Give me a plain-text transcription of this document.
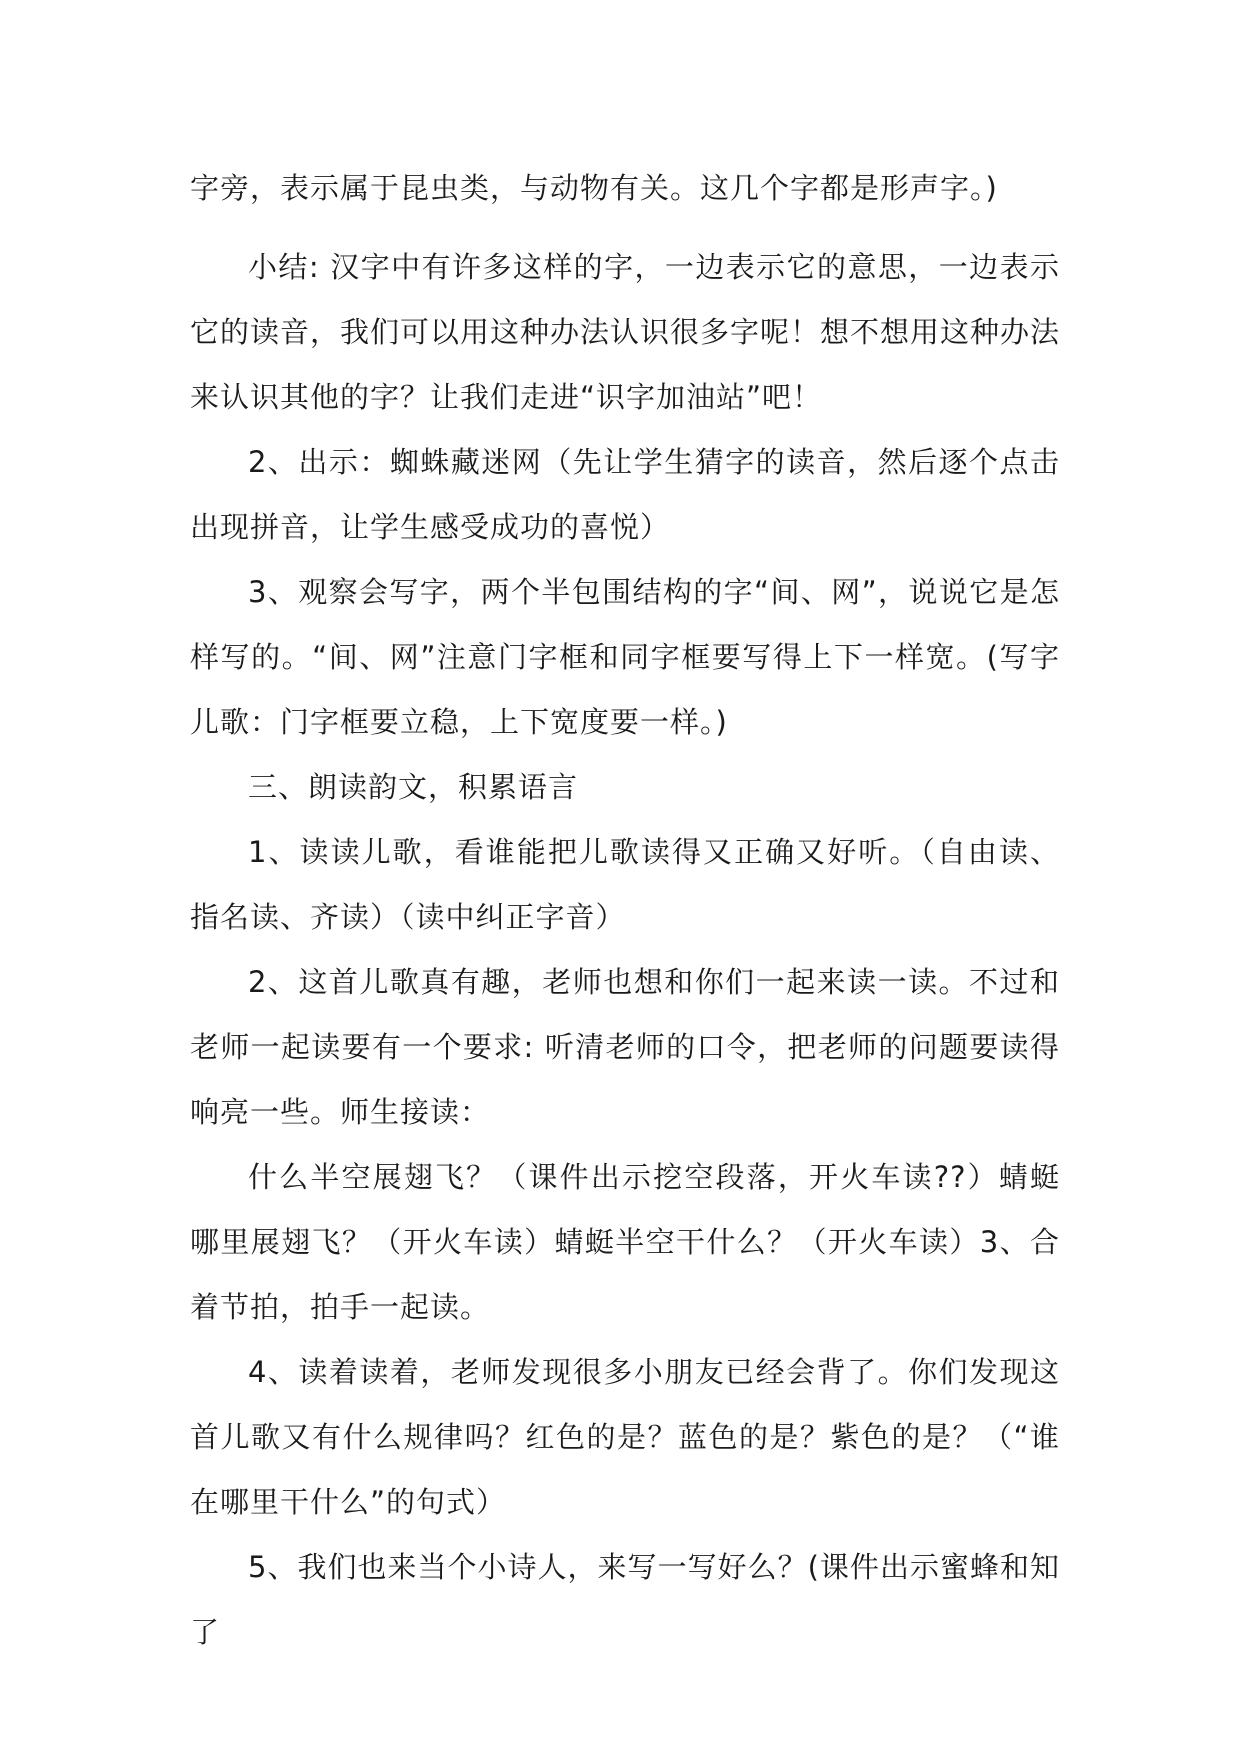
字旁，表示属于昆虫类，与动物有关。这几个字都是形声字。)

小结: 汉字中有许多这样的字，一边表示它的意思，一边表示它的读音，我们可以用这种办法认识很多字呢！想不想用这种办法来认识其他的字？让我们走进“识字加油站”吧！

2、出示：蜘蛛藏迷网（先让学生猜字的读音，然后逐个点击出现拼音，让学生感受成功的喜悦）

3、观察会写字，两个半包围结构的字“间、网”，说说它是怎样写的。“间、网”注意门字框和同字框要写得上下一样宽。(写字儿歌：门字框要立稳，上下宽度要一样。)

三、朗读韵文，积累语言

1、读读儿歌，看谁能把儿歌读得又正确又好听。（自由读、指名读、齐读）（读中纠正字音）

2、这首儿歌真有趣，老师也想和你们一起来读一读。不过和老师一起读要有一个要求: 听清老师的口令，把老师的问题要读得响亮一些。师生接读：

什么半空展翅飞？（课件出示挖空段落，开火车读??）蜻蜓哪里展翅飞？（开火车读）蜻蜓半空干什么？（开火车读）3、合着节拍，拍手一起读。

4、读着读着，老师发现很多小朋友已经会背了。你们发现这首儿歌又有什么规律吗？红色的是？蓝色的是？紫色的是？（“谁在哪里干什么”的句式）

5、我们也来当个小诗人，来写一写好么？(课件出示蜜蜂和知了
